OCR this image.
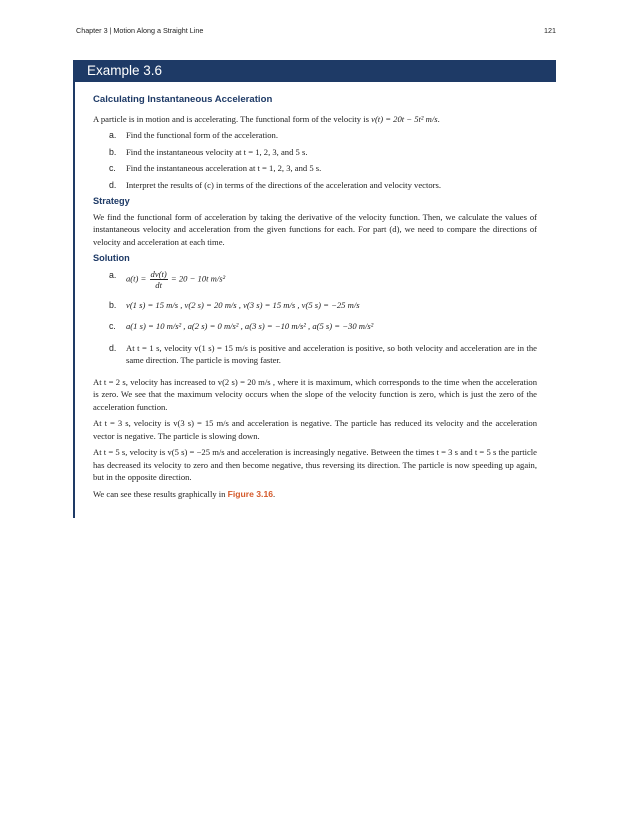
Chapter 3 | Motion Along a Straight Line	121
Example 3.6
Calculating Instantaneous Acceleration

A particle is in motion and is accelerating. The functional form of the velocity is v(t) = 20t − 5t² m/s.

a. Find the functional form of the acceleration.
b. Find the instantaneous velocity at t = 1, 2, 3, and 5 s.
c. Find the instantaneous acceleration at t = 1, 2, 3, and 5 s.
d. Interpret the results of (c) in terms of the directions of the acceleration and velocity vectors.
Strategy

We find the functional form of acceleration by taking the derivative of the velocity function. Then, we calculate the values of instantaneous velocity and acceleration from the given functions for each. For part (d), we need to compare the directions of velocity and acceleration at each time.

Solution
a. $a(t) = \frac{dv(t)}{dt} = 20 - 10t$ m/s²
b. v(1 s) = 15 m/s , v(2 s) = 20 m/s , v(3 s) = 15 m/s , v(5 s) = −25 m/s
c. a(1 s) = 10 m/s² , a(2 s) = 0 m/s² , a(3 s) = −10 m/s² , a(5 s) = −30 m/s²
d. At t = 1 s, velocity v(1 s) = 15 m/s is positive and acceleration is positive, so both velocity and acceleration are in the same direction. The particle is moving faster.

At t = 2 s, velocity has increased to v(2 s) = 20 m/s , where it is maximum, which corresponds to the time when the acceleration is zero. We see that the maximum velocity occurs when the slope of the velocity function is zero, which is just the zero of the acceleration function.

At t = 3 s, velocity is v(3 s) = 15 m/s and acceleration is negative. The particle has reduced its velocity and the acceleration vector is negative. The particle is slowing down.

At t = 5 s, velocity is v(5 s) = −25 m/s and acceleration is increasingly negative. Between the times t = 3 s and t = 5 s the particle has decreased its velocity to zero and then become negative, thus reversing its direction. The particle is now speeding up again, but in the opposite direction.

We can see these results graphically in Figure 3.16.
